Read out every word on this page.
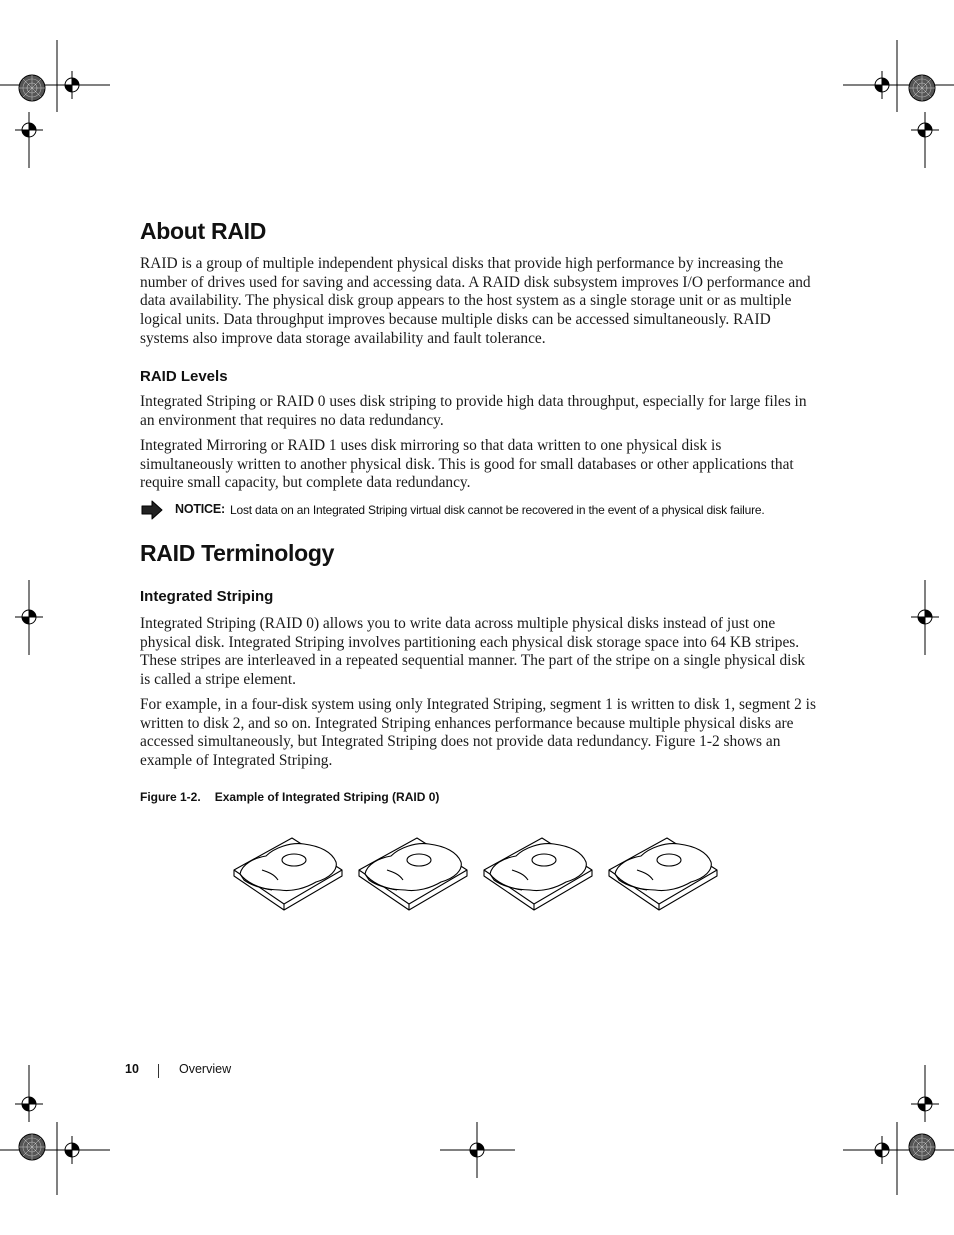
About RAID

RAID is a group of multiple independent physical disks that provide high performance by increasing the number of drives used for saving and accessing data. A RAID disk subsystem improves I/O performance and data availability. The physical disk group appears to the host system as a single storage unit or as multiple logical units. Data throughput improves because multiple disks can be accessed simultaneously. RAID systems also improve data storage availability and fault tolerance.

RAID Levels

Integrated Striping or RAID 0 uses disk striping to provide high data throughput, especially for large files in an environment that requires no data redundancy.

Integrated Mirroring or RAID 1 uses disk mirroring so that data written to one physical disk is simultaneously written to another physical disk. This is good for small databases or other applications that require small capacity, but complete data redundancy.

NOTICE: Lost data on an Integrated Striping virtual disk cannot be recovered in the event of a physical disk failure.
RAID Terminology
Integrated Striping

Integrated Striping (RAID 0) allows you to write data across multiple physical disks instead of just one physical disk. Integrated Striping involves partitioning each physical disk storage space into 64 KB stripes. These stripes are interleaved in a repeated sequential manner. The part of the stripe on a single physical disk is called a stripe element.

For example, in a four-disk system using only Integrated Striping, segment 1 is written to disk 1, segment 2 is written to disk 2, and so on. Integrated Striping enhances performance because multiple physical disks are accessed simultaneously, but Integrated Striping does not provide data redundancy. Figure 1-2 shows an example of Integrated Striping.

Figure 1-2. Example of Integrated Striping (RAID 0)
10	Overview
